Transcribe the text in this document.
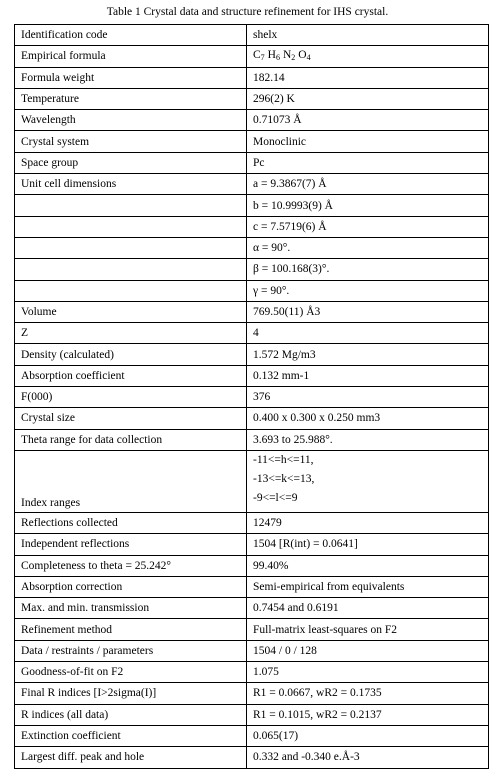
Table 1 Crystal data and structure refinement for IHS crystal.
Identification code	shelx
Empirical formula	$C_7$ $H_6$ $N_2$ $O_4$
Formula weight	182.14
Temperature	296(2) K
Wavelength	0.71073 Å
Crystal system	Monoclinic
Space group	Pc
Unit cell dimensions	a = 9.3867(7) Å
	b = 10.9993(9) Å
	c = 7.5719(6) Å
	α = 90°.
	β = 100.168(3)°.
	γ = 90°.
Volume	769.50(11) Å3
Z	4
Density (calculated)	1.572 Mg/m3
Absorption coefficient	0.132 mm-1
F(000)	376
Crystal size	0.400 x 0.300 x 0.250 mm3
Theta range for data collection	3.693 to 25.988°.
Index ranges	-11<=h<=11,
-13<=k<=13,
-9<=l<=9

Reflections collected	12479
Independent reflections	1504 [R(int) = 0.0641]
Completeness to theta = 25.242°	99.40%
Absorption correction	Semi-empirical from equivalents
Max. and min. transmission	0.7454 and 0.6191
Refinement method	Full-matrix least-squares on F2
Data / restraints / parameters	1504 / 0 / 128
Goodness-of-fit on F2	1.075
Final R indices [I>2sigma(I)]	R1 = 0.0667, wR2 = 0.1735
R indices (all data)	R1 = 0.1015, wR2 = 0.2137
Extinction coefficient	0.065(17)
Largest diff. peak and hole	0.332 and -0.340 e.Å-3
